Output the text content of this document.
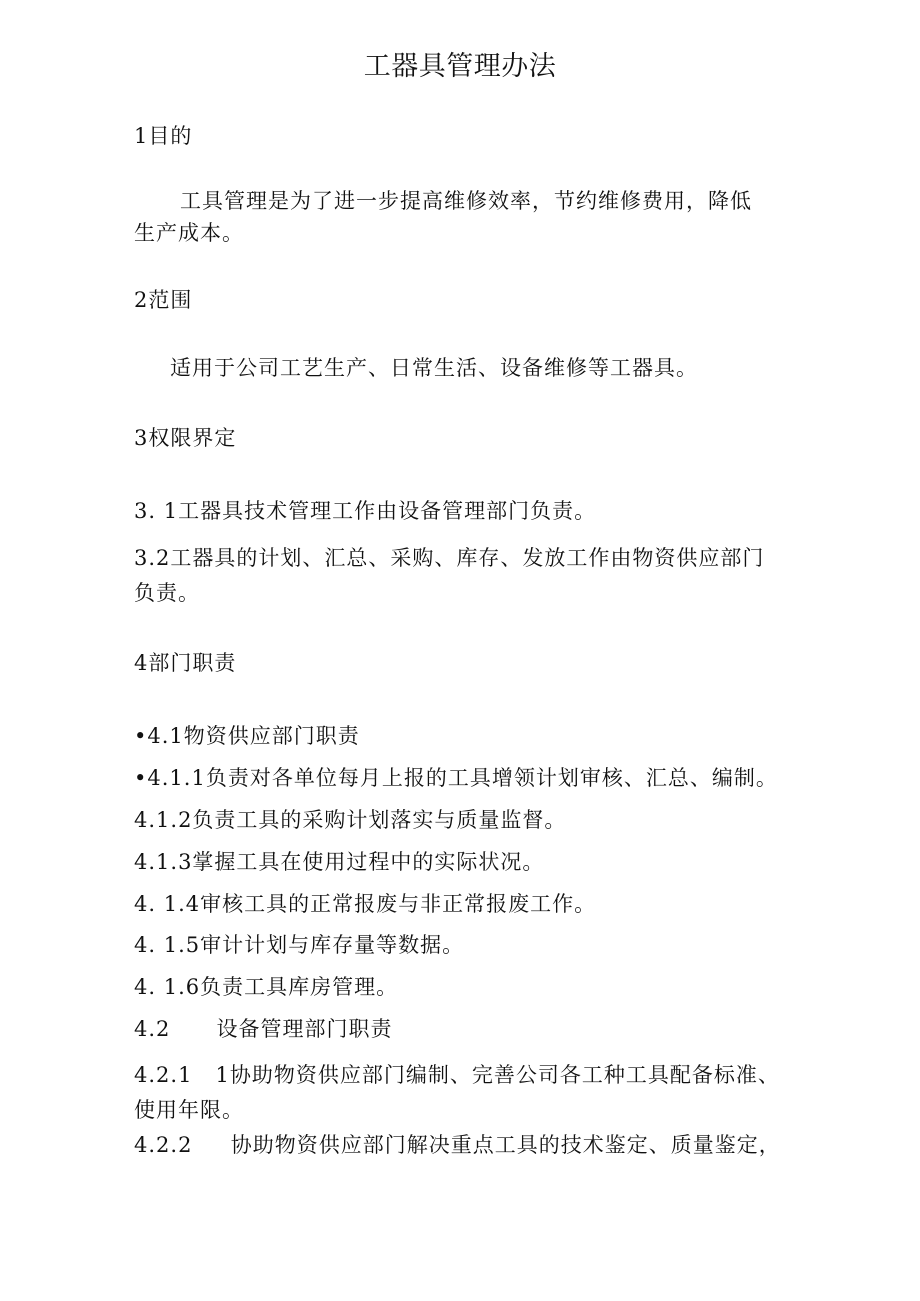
工器具管理办法
1目的
工具管理是为了进一步提高维修效率，节约维修费用，降低
生产成本。
2范围
适用于公司工艺生产、日常生活、设备维修等工器具。
3权限界定
3. 1工器具技术管理工作由设备管理部门负责。
3.2工器具的计划、汇总、采购、库存、发放工作由物资供应部门
负责。
4部门职责
•4.1物资供应部门职责
•4.1.1负责对各单位每月上报的工具增领计划审核、汇总、编制。
4.1.2负责工具的采购计划落实与质量监督。
4.1.3掌握工具在使用过程中的实际状况。
4. 1.4审核工具的正常报废与非正常报废工作。
4. 1.5审计计划与库存量等数据。
4. 1.6负责工具库房管理。
4.2      设备管理部门职责
4.2.1   1协助物资供应部门编制、完善公司各工种工具配备标准、
使用年限。
4.2.2     协助物资供应部门解决重点工具的技术鉴定、质量鉴定，
